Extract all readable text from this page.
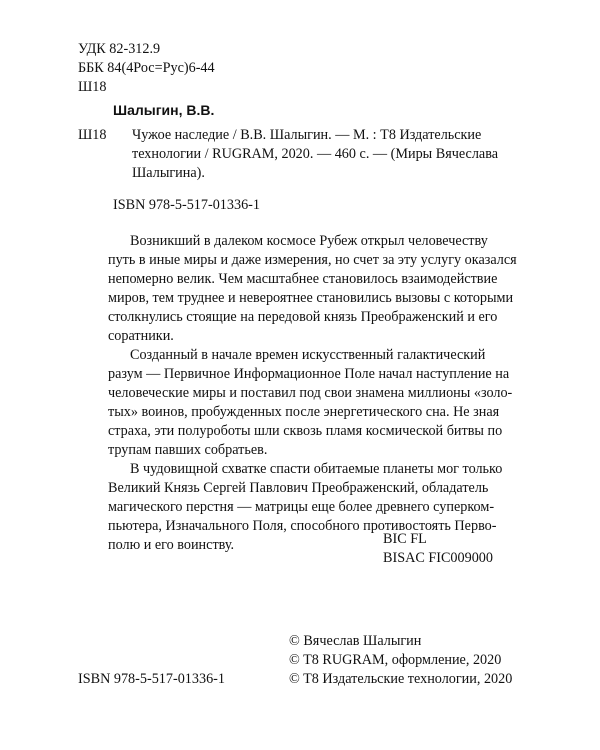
УДК 82-312.9
ББК 84(4Рос=Рус)6-44
Ш18
Шалыгин, В.В.
Ш18 Чужое наследие / В.В. Шалыгин. — М. : T8 Издательские
технологии / RUGRAM, 2020. — 460 с. — (Миры Вячеслава
Шалыгина).
ISBN 978-5-517-01336-1

Возникший в далеком космосе Рубеж открыл человечеству
путь в иные миры и даже измерения, но счет за эту услугу оказался
непомерно велик. Чем масштабнее становилось взаимодействие
миров, тем труднее и невероятнее становились вызовы с которыми
столкнулись стоящие на передовой князь Преображенский и его
соратники.

Созданный в начале времен искусственный галактический
разум — Первичное Информационное Поле начал наступление на
человеческие миры и поставил под свои знамена миллионы «золо-
тых» воинов, пробужденных после энергетического сна. Не зная
страха, эти полуроботы шли сквозь пламя космической битвы по
трупам павших собратьев.

В чудовищной схватке спасти обитаемые планеты мог только
Великий Князь Сергей Павлович Преображенский, обладатель
магического перстня — матрицы еще более древнего суперком-
пьютера, Изначального Поля, способного противостоять Перво-
полю и его воинству.	BIC FL
BISAC FIC009000
ISBN 978-5-517-01336-1
© Вячеслав Шалыгин
© T8 RUGRAM, оформление, 2020
© T8 Издательские технологии, 2020
